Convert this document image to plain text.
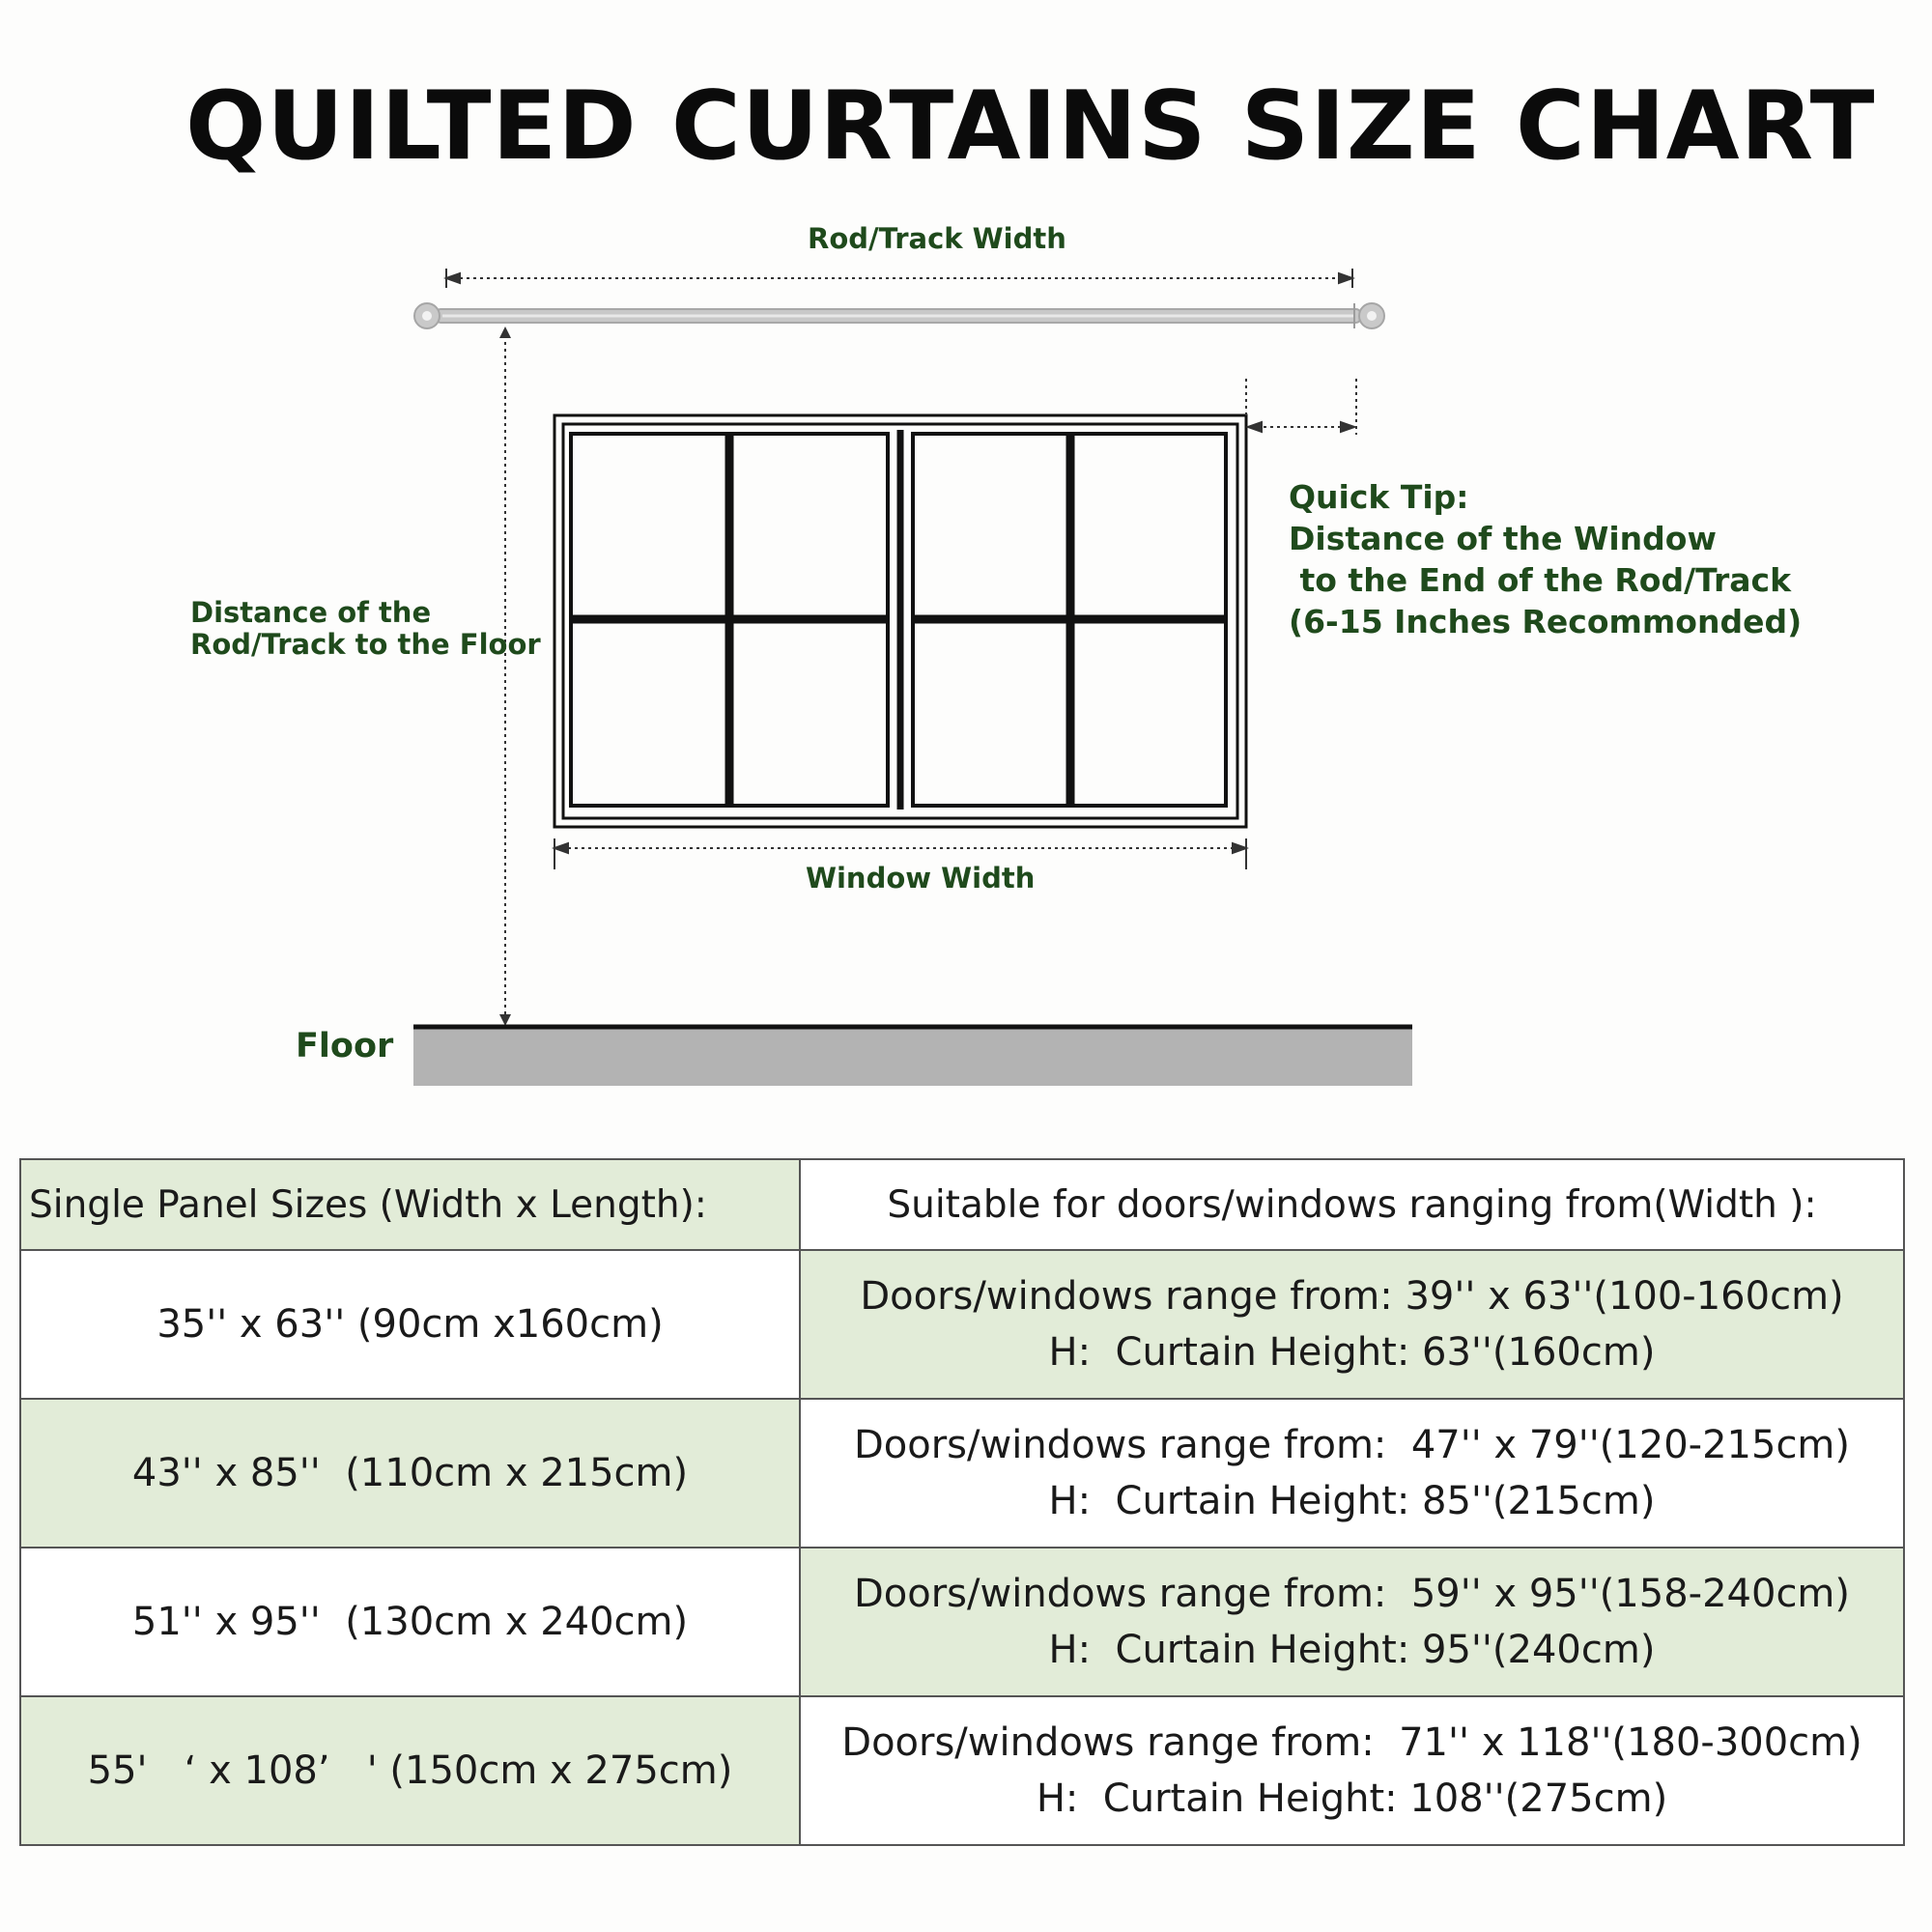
QUILTED CURTAINS SIZE CHART
Rod/Track Width
Distance of the
Rod/Track to the Floor
Quick Tip:
Distance of the Window
to the End of the Rod/Track
(6-15 Inches Recommonded)
Window Width
Floor
Single Panel Sizes (Width x Length):	Suitable for doors/windows ranging from(Width ):

35'' x 63'' (90cm x160cm)	Doors/windows range from: 39'' x 63''(100-160cm)
H:  Curtain Height: 63''(160cm)

43'' x 85''  (110cm x 215cm)	Doors/windows range from:  47'' x 79''(120-215cm)
H:  Curtain Height: 85''(215cm)

51'' x 95''  (130cm x 240cm)	Doors/windows range from:  59'' x 95''(158-240cm)
H:  Curtain Height: 95''(240cm)

55'   ‘ x 108’   ' (150cm x 275cm)	Doors/windows range from:  71'' x 118''(180-300cm)
H:  Curtain Height: 108''(275cm)
